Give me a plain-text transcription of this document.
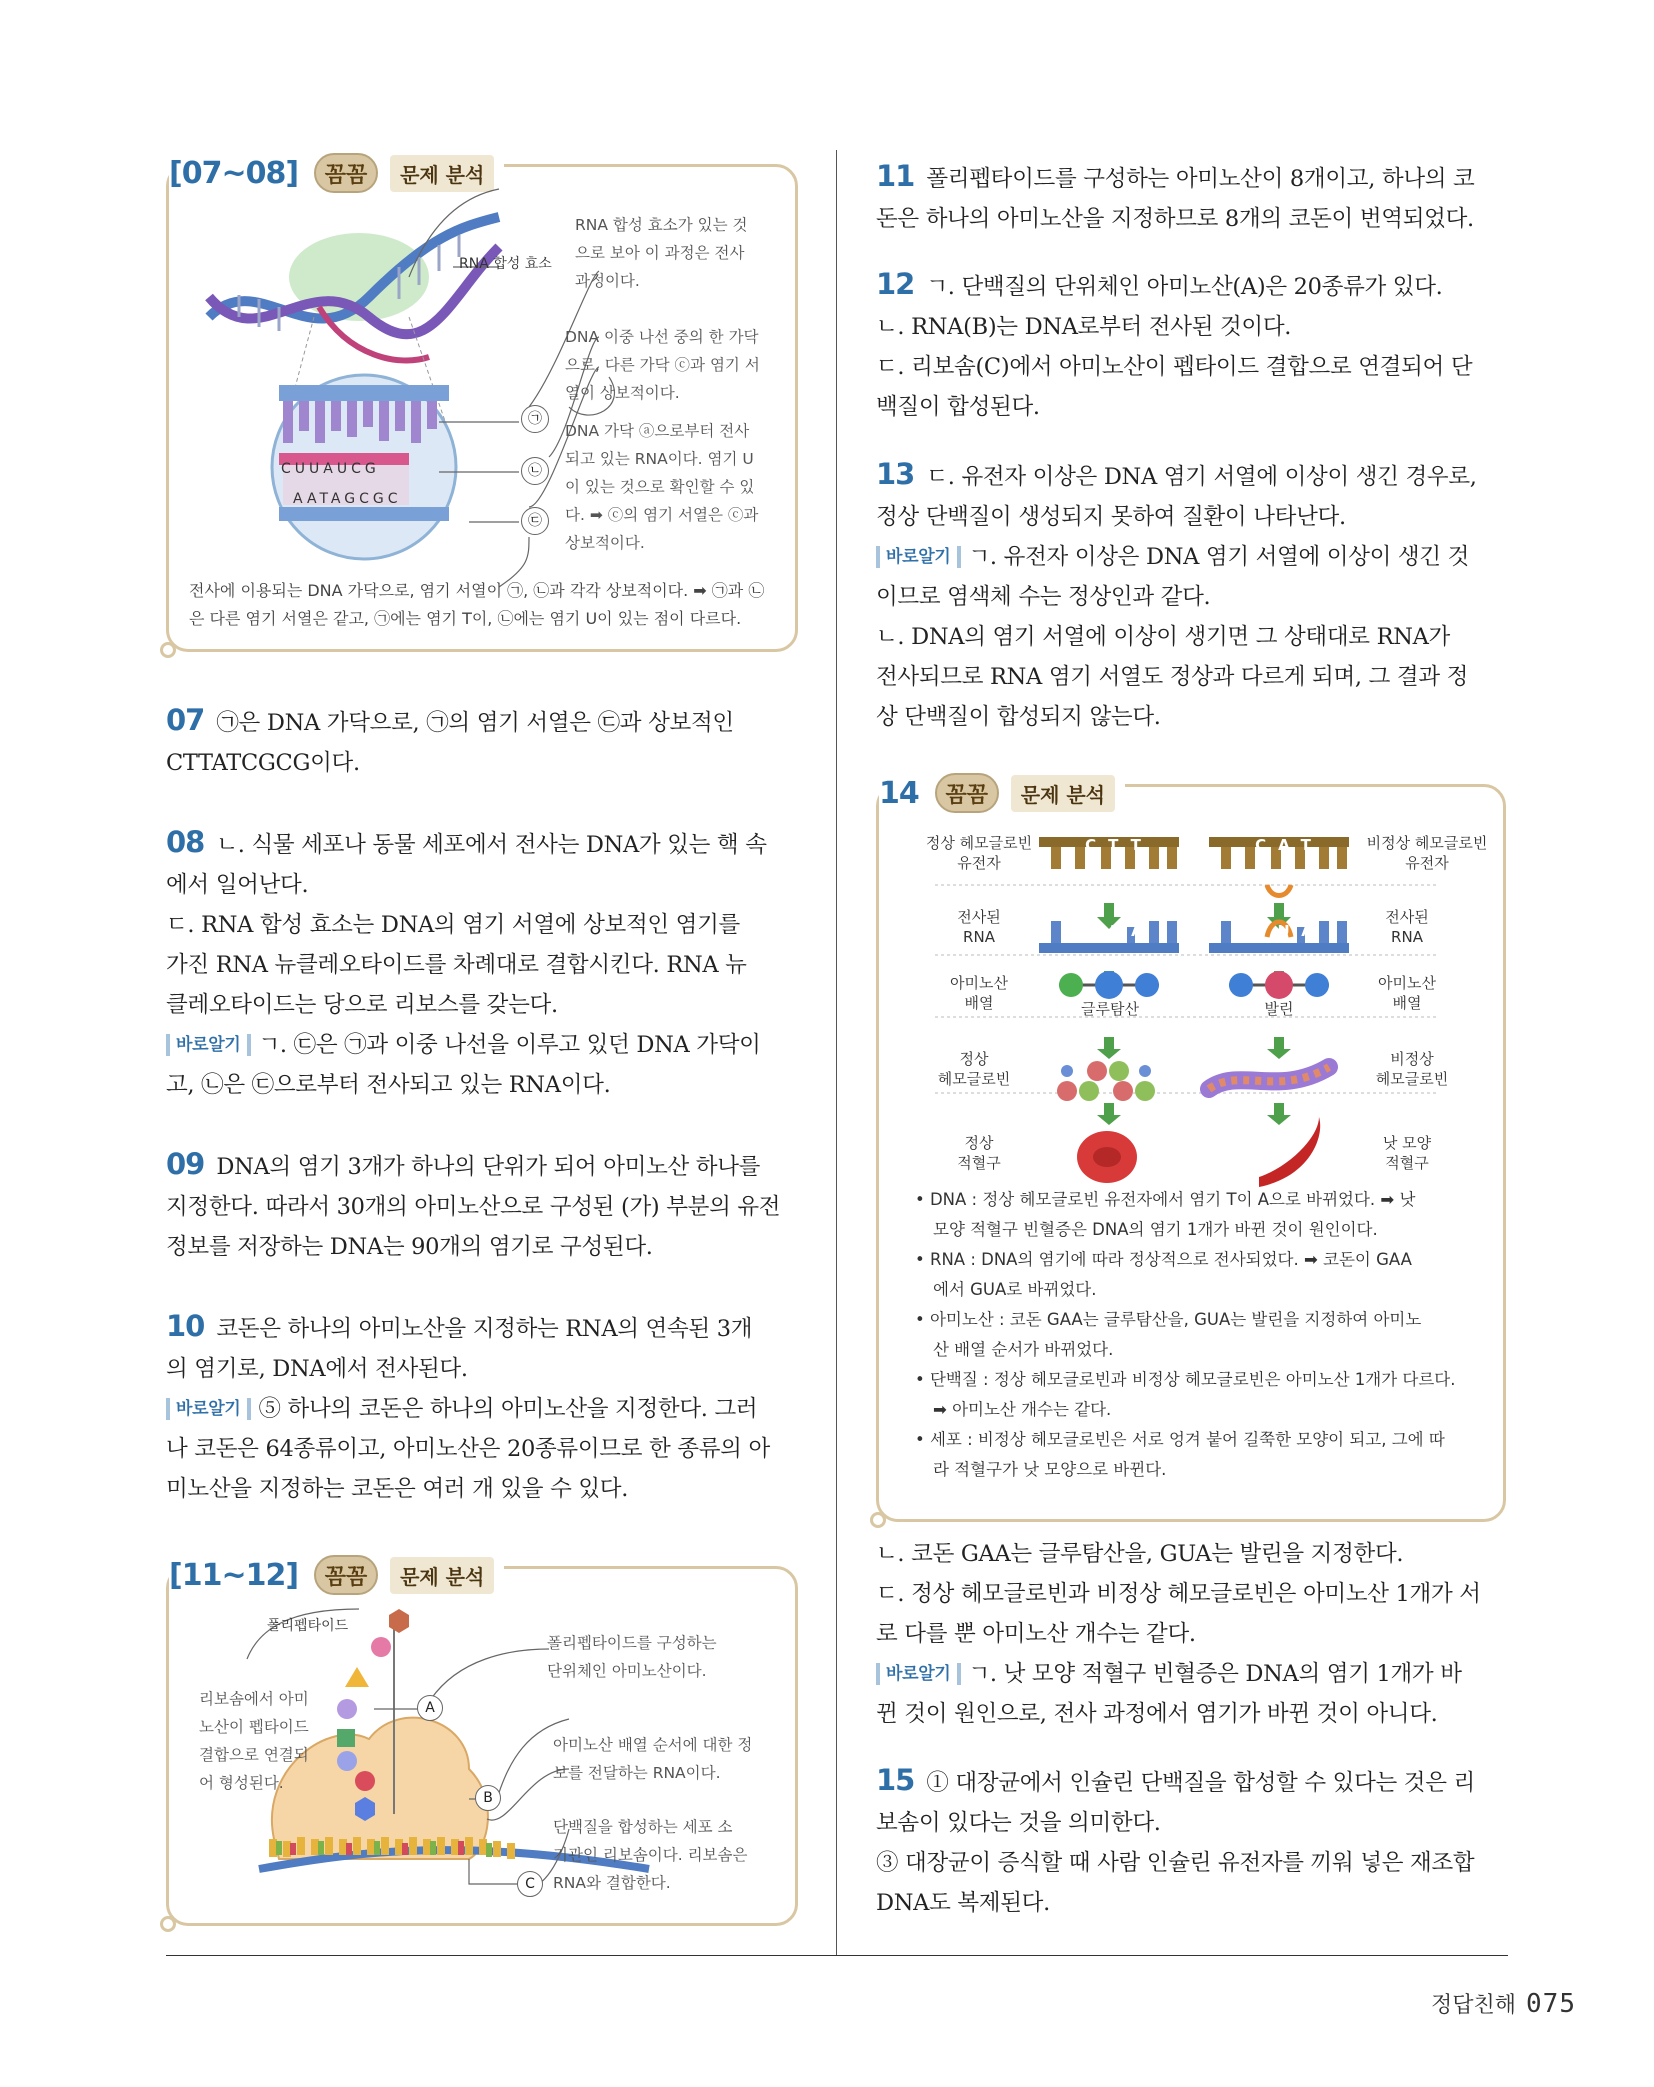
[07~08]	꼼꼼	문제 분석
CUUAUCG
AATAGCGC
RNA 합성 효소
㉠
㉡
㉢
RNA 합성 효소가 있는 것
으로 보아 이 과정은 전사
과정이다.
DNA 이중 나선 중의 한 가닥
으로, 다른 가닥 ⓒ과 염기 서
열이 상보적이다.
DNA 가닥 ⓐ으로부터 전사
되고 있는 RNA이다. 염기 U
이 있는 것으로 확인할 수 있
다. ➡ ⓒ의 염기 서열은 ⓒ과
상보적이다.
전사에 이용되는 DNA 가닥으로, 염기 서열이 ㉠, ㉡과 각각 상보적이다. ➡ ㉠과 ㉡
은 다른 염기 서열은 같고, ㉠에는 염기 T이, ㉡에는 염기 U이 있는 점이 다르다.

07 ㉠은 DNA 가닥으로, ㉠의 염기 서열은 ㉢과 상보적인

CTTATCGCG이다.

08 ㄴ. 식물 세포나 동물 세포에서 전사는 DNA가 있는 핵 속

에서 일어난다.

ㄷ. RNA 합성 효소는 DNA의 염기 서열에 상보적인 염기를

가진 RNA 뉴클레오타이드를 차례대로 결합시킨다. RNA 뉴

클레오타이드는 당으로 리보스를 갖는다.

바로알기 ㄱ. ㉢은 ㉠과 이중 나선을 이루고 있던 DNA 가닥이

고, ㉡은 ㉢으로부터 전사되고 있는 RNA이다.

09 DNA의 염기 3개가 하나의 단위가 되어 아미노산 하나를

지정한다. 따라서 30개의 아미노산으로 구성된 (가) 부분의 유전

정보를 저장하는 DNA는 90개의 염기로 구성된다.

10 코돈은 하나의 아미노산을 지정하는 RNA의 연속된 3개

의 염기로, DNA에서 전사된다.

바로알기 ⑤ 하나의 코돈은 하나의 아미노산을 지정한다. 그러

나 코돈은 64종류이고, 아미노산은 20종류이므로 한 종류의 아

미노산을 지정하는 코돈은 여러 개 있을 수 있다.

[11~12]	꼼꼼	문제 분석
폴리펩타이드
리보솜에서 아미
노산이 펩타이드
결합으로 연결되
어 형성된다.
A
B
C
폴리펩타이드를 구성하는
단위체인 아미노산이다.
아미노산 배열 순서에 대한 정
보를 전달하는 RNA이다.
단백질을 합성하는 세포 소
기관인 리보솜이다. 리보솜은
RNA와 결합한다.

11 폴리펩타이드를 구성하는 아미노산이 8개이고, 하나의 코

돈은 하나의 아미노산을 지정하므로 8개의 코돈이 번역되었다.

12 ㄱ. 단백질의 단위체인 아미노산(A)은 20종류가 있다.

ㄴ. RNA(B)는 DNA로부터 전사된 것이다.

ㄷ. 리보솜(C)에서 아미노산이 펩타이드 결합으로 연결되어 단

백질이 합성된다.

13 ㄷ. 유전자 이상은 DNA 염기 서열에 이상이 생긴 경우로,

정상 단백질이 생성되지 못하여 질환이 나타난다.

바로알기 ㄱ. 유전자 이상은 DNA 염기 서열에 이상이 생긴 것

이므로 염색체 수는 정상인과 같다.

ㄴ. DNA의 염기 서열에 이상이 생기면 그 상태대로 RNA가

전사되므로 RNA 염기 서열도 정상과 다르게 되며, 그 결과 정

상 단백질이 합성되지 않는다.

14	꼼꼼	문제 분석
CTT	CAT
GAA	GUA
정상 헤모글로빈
유전자
비정상 헤모글로빈
유전자
전사된
RNA
전사된
RNA
아미노산
배열
아미노산
배열
글루탐산	발린
정상
헤모글로빈
비정상
헤모글로빈
정상
적혈구
낫 모양
적혈구

• DNA : 정상 헤모글로빈 유전자에서 염기 T이 A으로 바뀌었다. ➡ 낫

모양 적혈구 빈혈증은 DNA의 염기 1개가 바뀐 것이 원인이다.

• RNA : DNA의 염기에 따라 정상적으로 전사되었다. ➡ 코돈이 GAA

에서 GUA로 바뀌었다.

• 아미노산 : 코돈 GAA는 글루탐산을, GUA는 발린을 지정하여 아미노

산 배열 순서가 바뀌었다.

• 단백질 : 정상 헤모글로빈과 비정상 헤모글로빈은 아미노산 1개가 다르다.

➡ 아미노산 개수는 같다.

• 세포 : 비정상 헤모글로빈은 서로 엉겨 붙어 길쭉한 모양이 되고, 그에 따

라 적혈구가 낫 모양으로 바뀐다.

ㄴ. 코돈 GAA는 글루탐산을, GUA는 발린을 지정한다.

ㄷ. 정상 헤모글로빈과 비정상 헤모글로빈은 아미노산 1개가 서

로 다를 뿐 아미노산 개수는 같다.

바로알기 ㄱ. 낫 모양 적혈구 빈혈증은 DNA의 염기 1개가 바

뀐 것이 원인으로, 전사 과정에서 염기가 바뀐 것이 아니다.

15 ① 대장균에서 인슐린 단백질을 합성할 수 있다는 것은 리

보솜이 있다는 것을 의미한다.

③ 대장균이 증식할 때 사람 인슐린 유전자를 끼워 넣은 재조합

DNA도 복제된다.

정답친해 075
